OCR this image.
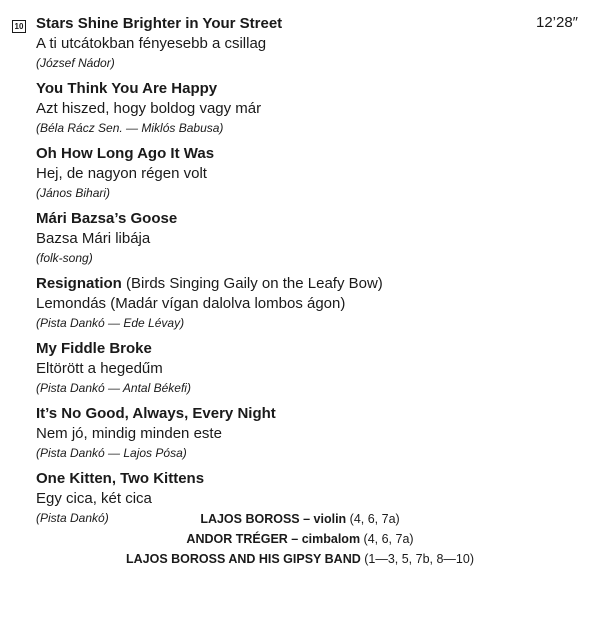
10	12’28″
Stars Shine Brighter in Your Street
A ti utcátokban fényesebb a csillag
(József Nádor)
You Think You Are Happy
Azt hiszed, hogy boldog vagy már
(Béla Rácz Sen. — Miklós Babusa)
Oh How Long Ago It Was
Hej, de nagyon régen volt
(János Bihari)
Mári Bazsa’s Goose
Bazsa Mári libája
(folk-song)
Resignation (Birds Singing Gaily on the Leafy Bow)
Lemondás (Madár vígan dalolva lombos ágon)
(Pista Dankó — Ede Lévay)
My Fiddle Broke
Eltörött a hegedűm
(Pista Dankó — Antal Békefi)
It’s No Good, Always, Every Night
Nem jó, mindig minden este
(Pista Dankó — Lajos Pósa)
One Kitten, Two Kittens
Egy cica, két cica
(Pista Dankó)	LAJOS BOROSS – violin (4, 6, 7a)
ANDOR TRÉGER – cimbalom (4, 6, 7a)
LAJOS BOROSS AND HIS GIPSY BAND (1—3, 5, 7b, 8—10)
